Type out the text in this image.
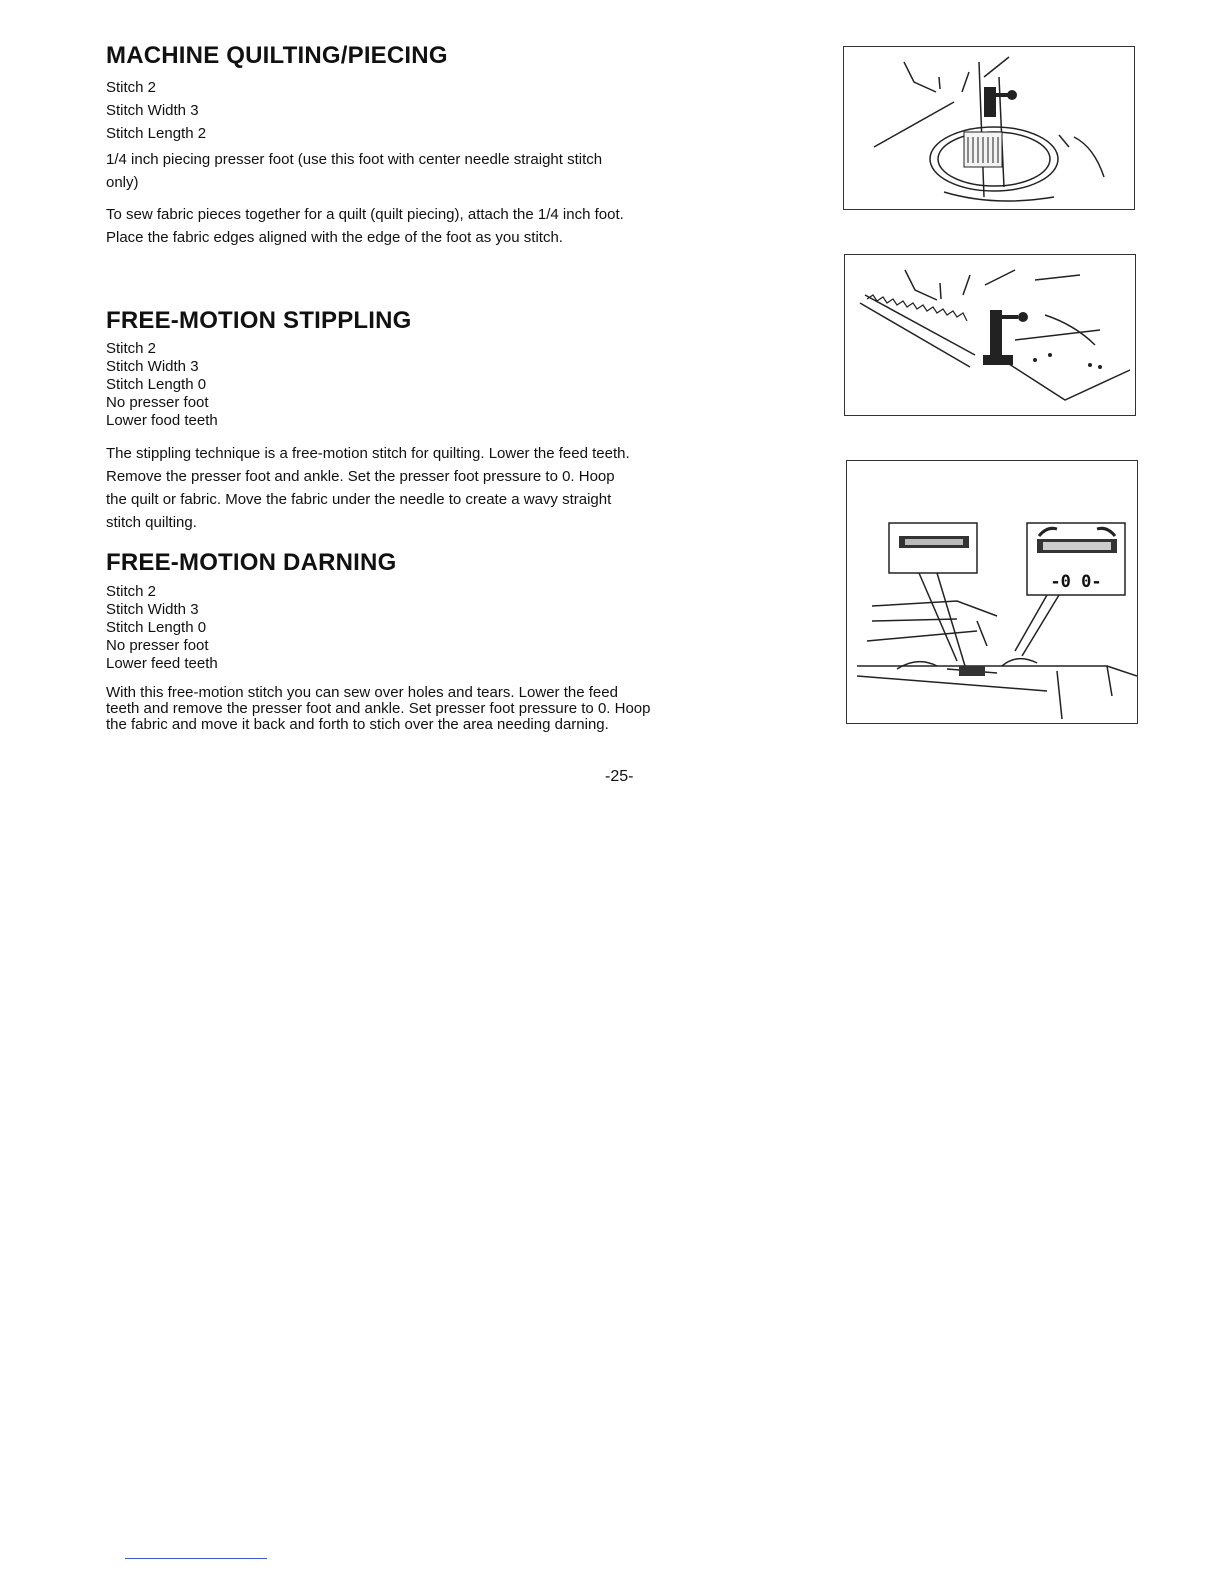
MACHINE QUILTING/PIECING
Stitch 2
Stitch Width 3
Stitch Length 2

1/4 inch piecing presser foot (use this foot with center needle straight stitch only)

To sew fabric pieces together for a quilt (quilt piecing), attach the 1/4 inch foot. Place the fabric edges aligned with the edge of the foot as you stitch.

FREE-MOTION STIPPLING
Stitch 2
Stitch Width 3
Stitch Length 0
No presser foot
Lower food teeth

The stippling technique is a free-motion stitch for quilting. Lower the feed teeth. Remove the presser foot and ankle. Set the presser foot pressure to 0. Hoop the quilt or fabric. Move the fabric under the needle to create a wavy straight stitch quilting.

FREE-MOTION DARNING
Stitch 2
Stitch Width 3
Stitch Length 0
No presser foot
Lower feed teeth

With this free-motion stitch you can sew over holes and tears. Lower the feed teeth and remove the presser foot and ankle. Set presser foot pressure to 0. Hoop the fabric and move it back and forth to stich over the area needing darning.

-25-
-0 0-
